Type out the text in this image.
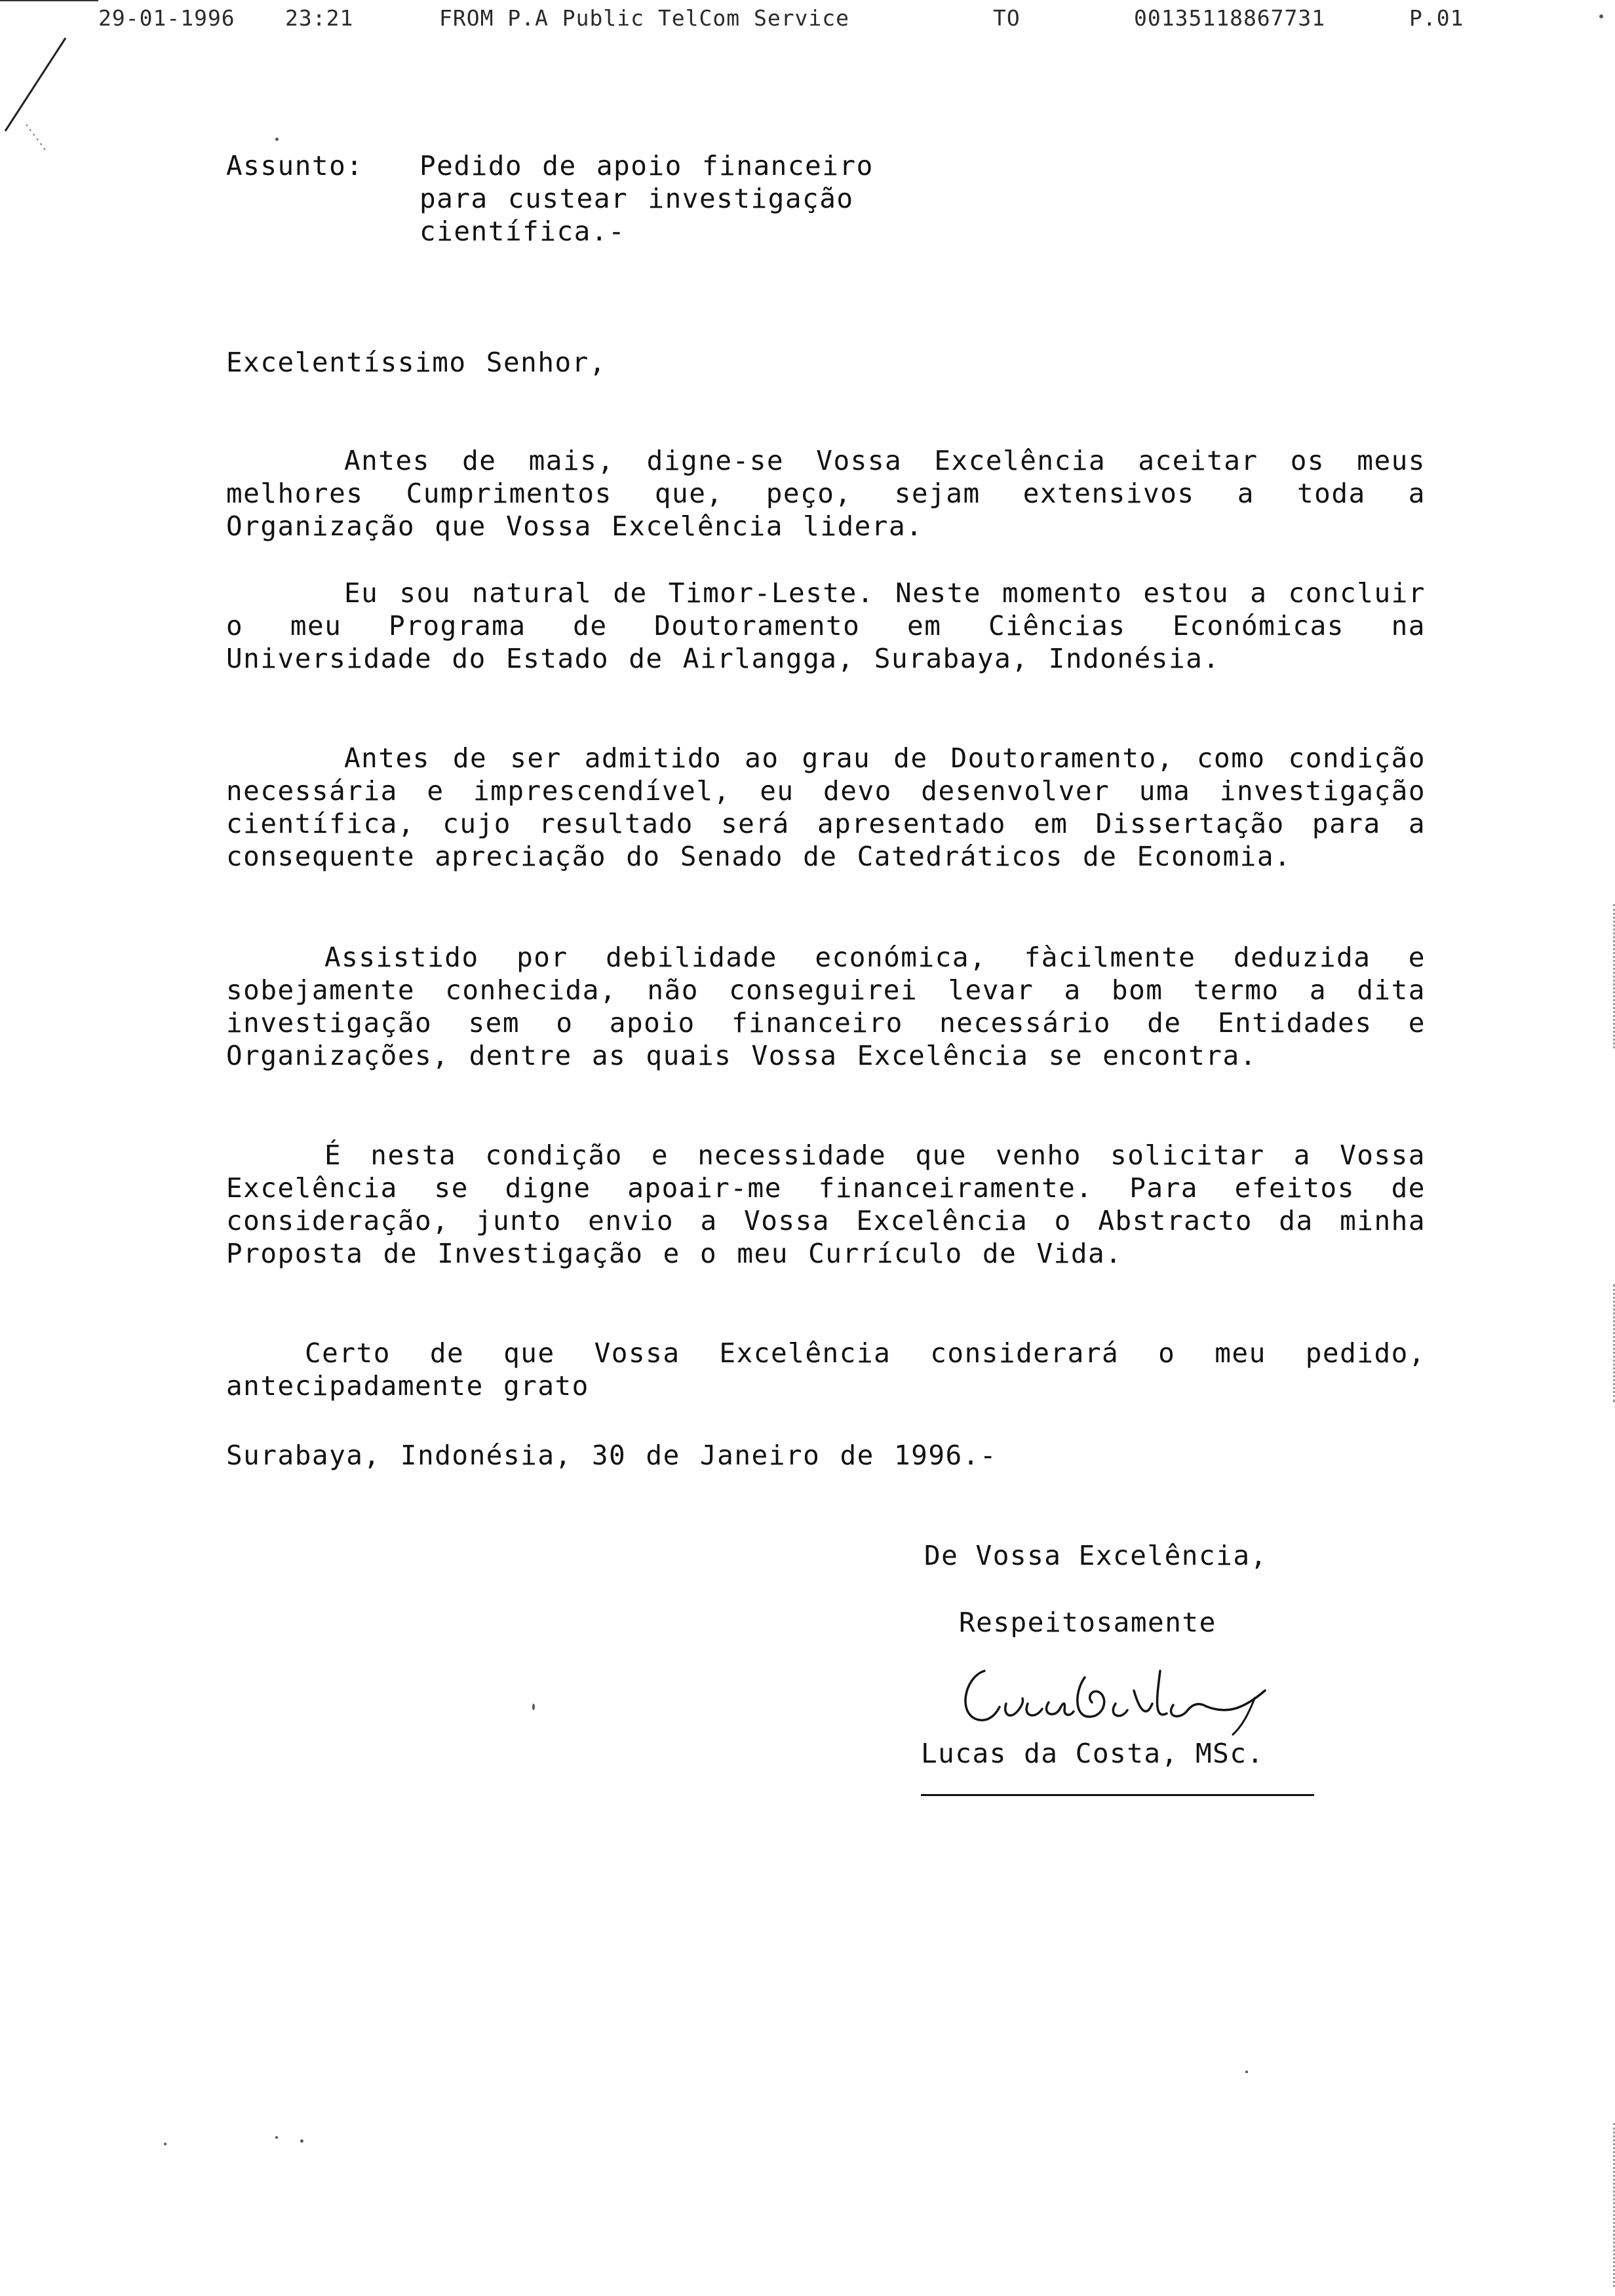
29-01-1996 23:21	FROM P.A Public TelCom Service	TO	00135118867731	P.01
Assunto:	Pedido de apoio financeiro
para custear investigação
científica.-
Excelentíssimo Senhor,
Antes de mais, digne-se Vossa Excelência aceitar os meus melhores Cumprimentos que, peço, sejam extensivos a toda a Organização que Vossa Excelência lidera.
Eu sou natural de Timor-Leste. Neste momento estou a concluir o meu Programa de Doutoramento em Ciências Económicas na Universidade do Estado de Airlangga, Surabaya, Indonésia.
Antes de ser admitido ao grau de Doutoramento, como condição necessária e imprescendível, eu devo desenvolver uma investigação científica, cujo resultado será apresentado em Dissertação para a consequente apreciação do Senado de Catedráticos de Economia.
Assistido por debilidade económica, fàcilmente deduzida e sobejamente conhecida, não conseguirei levar a bom termo a dita investigação sem o apoio financeiro necessário de Entidades e Organizações, dentre as quais Vossa Excelência se encontra.
É nesta condição e necessidade que venho solicitar a Vossa Excelência se digne apoair-me financeiramente. Para efeitos de consideração, junto envio a Vossa Excelência o Abstracto da minha Proposta de Investigação e o meu Currículo de Vida.
Certo de que Vossa Excelência considerará o meu pedido, antecipadamente grato
Surabaya, Indonésia, 30 de Janeiro de 1996.-
De Vossa Excelência,
Respeitosamente
Lucas da Costa, MSc.
